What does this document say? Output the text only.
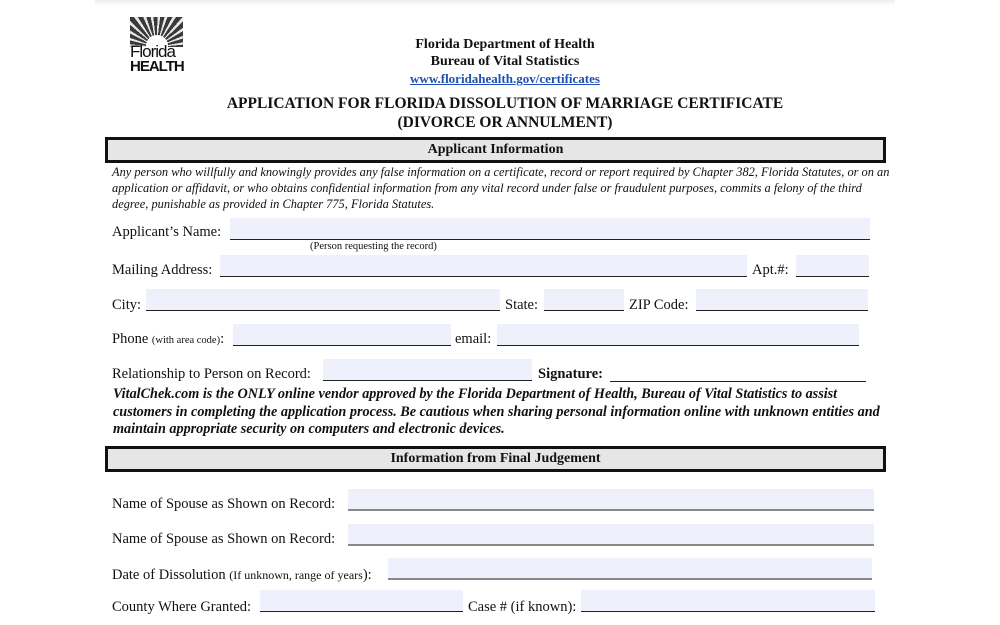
Florida
HEALTH
Florida Department of Health
Bureau of Vital Statistics
www.floridahealth.gov/certificates
APPLICATION FOR FLORIDA DISSOLUTION OF MARRIAGE CERTIFICATE
(DIVORCE OR ANNULMENT)
Applicant Information
Any person who willfully and knowingly provides any false information on a certificate, record or report required by Chapter 382, Florida Statutes, or on an application or affidavit, or who obtains confidential information from any vital record under false or fraudulent purposes, commits a felony of the third degree, punishable as provided in Chapter 775, Florida Statutes.
Applicant’s Name:
(Person requesting the record)
Mailing Address:	Apt.#:
City:	State:	ZIP Code:
Phone (with area code):	email:
Relationship to Person on Record:	Signature:
VitalChek.com is the ONLY online vendor approved by the Florida Department of Health, Bureau of Vital Statistics to assist customers in completing the application process. Be cautious when sharing personal information online with unknown entities and maintain appropriate security on computers and electronic devices.
Information from Final Judgement
Name of Spouse as Shown on Record:
Name of Spouse as Shown on Record:
Date of Dissolution (If unknown, range of years):
County Where Granted:	Case # (if known):
